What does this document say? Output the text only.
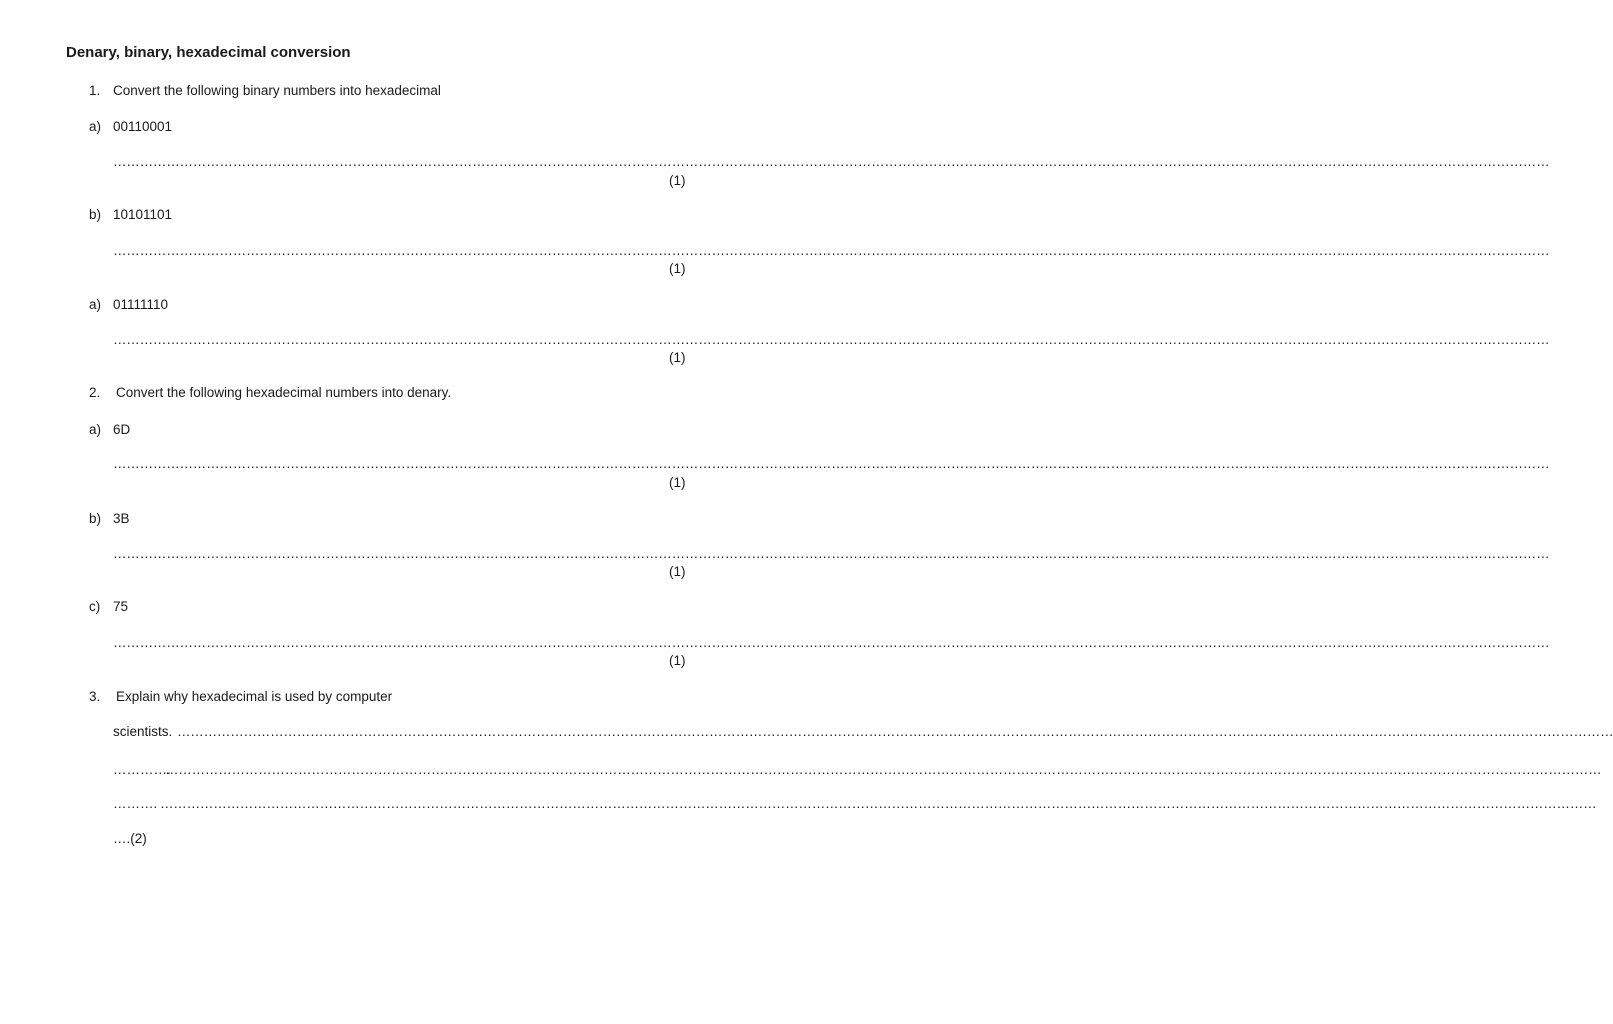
Denary, binary, hexadecimal conversion
1. Convert the following binary numbers into hexadecimal
a) 00110001
………………………………………………………………………………………………………………………………………………………………………………………………………………………………………………………………………………………………
(1)
b) 10101101
………………………………………………………………………………………………………………………………………………………………………………………………………………………………………………………………………………………………
(1)
a) 01111110
………………………………………………………………………………………………………………………………………………………………………………………………………………………………………………………………………………………………
(1)
2. Convert the following hexadecimal numbers into denary.
a) 6D
………………………………………………………………………………………………………………………………………………………………………………………………………………………………………………………………………………………………
(1)
b) 3B
………………………………………………………………………………………………………………………………………………………………………………………………………………………………………………………………………………………………
(1)
c) 75
………………………………………………………………………………………………………………………………………………………………………………………………………………………………………………………………………………………………
(1)
3. Explain why hexadecimal is used by computer
scientists. ………………………………………………………………………………………………………………………………………………………………………………………………………………………………………………………………………………………………
………….
………………………………………………………………………………………………………………………………………………………………………………………………………………………………………………………………………………………………
………. ………………………………………………………………………………………………………………………………………………………………………………………………………………………………………………………………………………………………
….(2)
